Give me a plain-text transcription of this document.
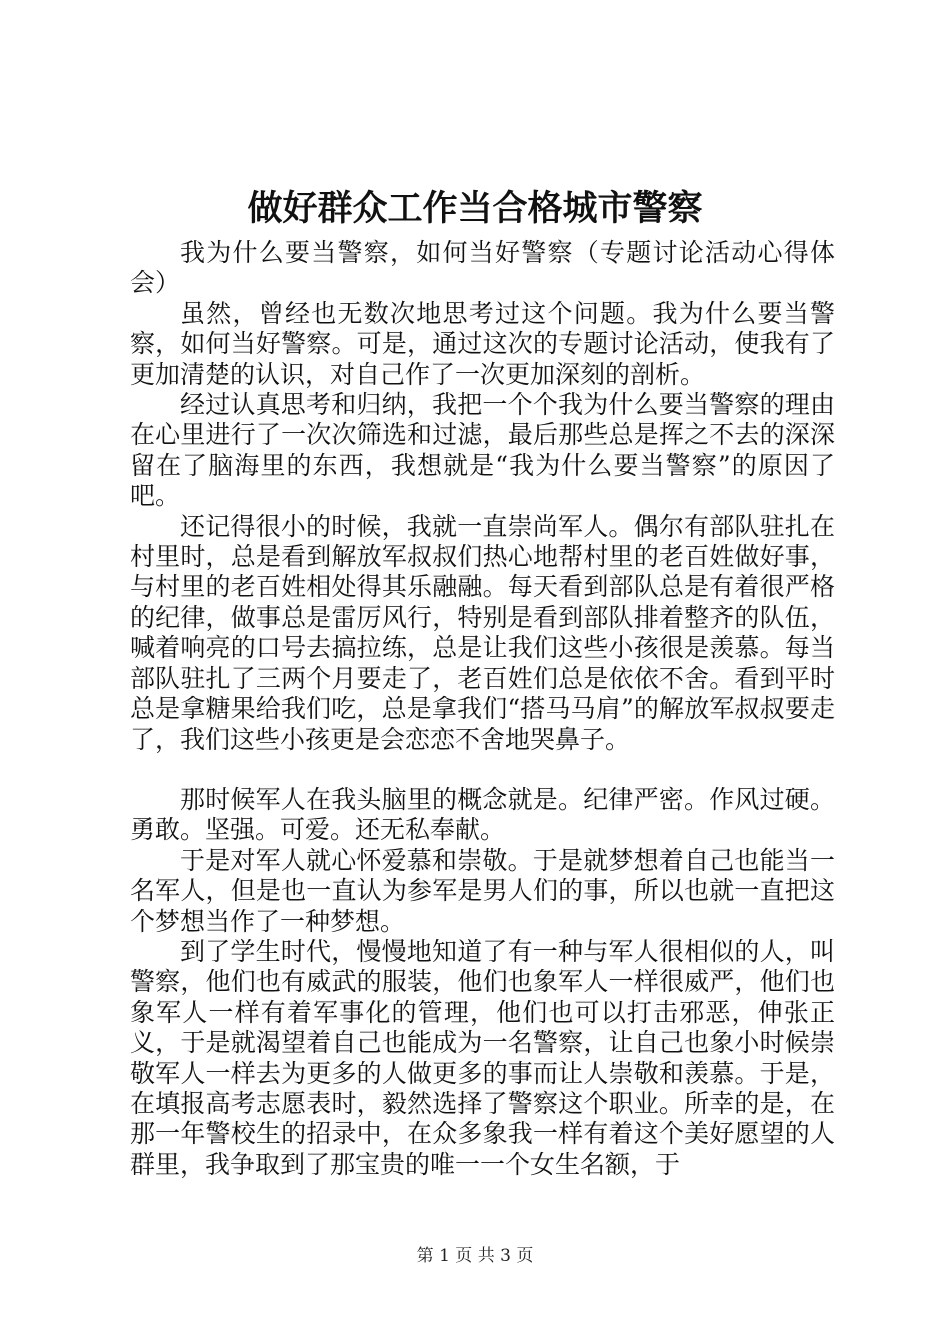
做好群众工作当合格城市警察

我为什么要当警察，如何当好警察（专题讨论活动心得体会）

虽然，曾经也无数次地思考过这个问题。我为什么要当警察，如何当好警察。可是，通过这次的专题讨论活动，使我有了更加清楚的认识，对自己作了一次更加深刻的剖析。

经过认真思考和归纳，我把一个个我为什么要当警察的理由在心里进行了一次次筛选和过滤，最后那些总是挥之不去的深深留在了脑海里的东西，我想就是“我为什么要当警察”的原因了吧。

还记得很小的时候，我就一直崇尚军人。偶尔有部队驻扎在村里时，总是看到解放军叔叔们热心地帮村里的老百姓做好事，与村里的老百姓相处得其乐融融。每天看到部队总是有着很严格的纪律，做事总是雷厉风行，特别是看到部队排着整齐的队伍，喊着响亮的口号去搞拉练，总是让我们这些小孩很是羡慕。每当部队驻扎了三两个月要走了，老百姓们总是依依不舍。看到平时总是拿糖果给我们吃，总是拿我们“搭马马肩”的解放军叔叔要走了，我们这些小孩更是会恋恋不舍地哭鼻子。

那时候军人在我头脑里的概念就是。纪律严密。作风过硬。勇敢。坚强。可爱。还无私奉献。

于是对军人就心怀爱慕和崇敬。于是就梦想着自己也能当一名军人，但是也一直认为参军是男人们的事，所以也就一直把这个梦想当作了一种梦想。

到了学生时代，慢慢地知道了有一种与军人很相似的人，叫警察，他们也有威武的服装，他们也象军人一样很威严，他们也象军人一样有着军事化的管理，他们也可以打击邪恶，伸张正义，于是就渴望着自己也能成为一名警察，让自己也象小时候崇敬军人一样去为更多的人做更多的事而让人崇敬和羡慕。于是，在填报高考志愿表时，毅然选择了警察这个职业。所幸的是，在那一年警校生的招录中，在众多象我一样有着这个美好愿望的人群里，我争取到了那宝贵的唯一一个女生名额，于

第 1 页 共 3 页
